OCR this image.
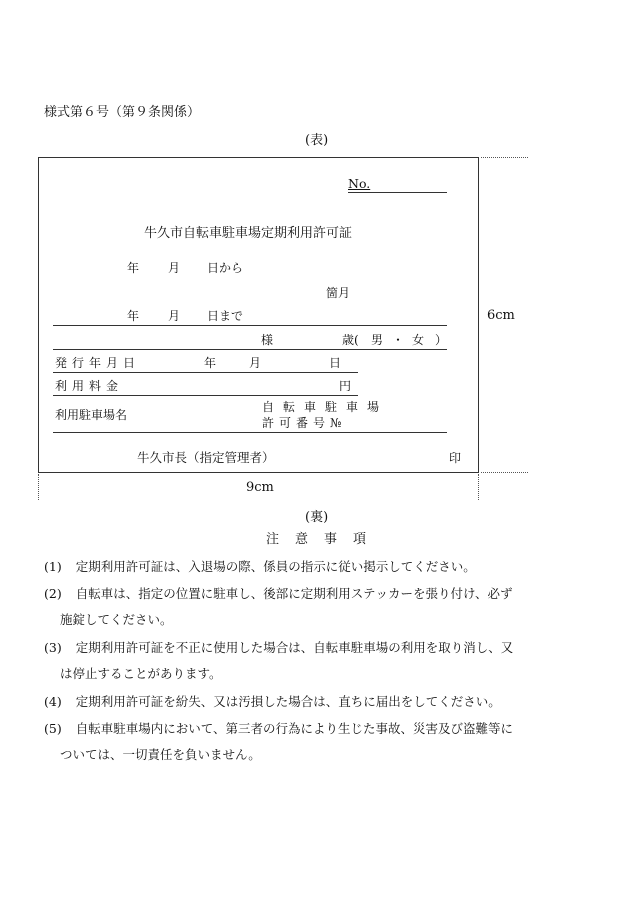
様式第６号（第９条関係）
(表)
6cm
9cm
No.
牛久市自転車駐車場定期利用許可証
年 月 日から
箇月
年 月 日まで
様	歳( 男 ・ 女 ）
発行年月日	年	月	日
利用料金	円
利用駐車場名
自転車駐車場
許可番号№
牛久市長（指定管理者）	印
(裏)
注意事項
(1) 定期利用許可証は、入退場の際、係員の指示に従い掲示してください。
(2) 自転車は、指定の位置に駐車し、後部に定期利用ステッカーを張り付け、必ず
施錠してください。
(3) 定期利用許可証を不正に使用した場合は、自転車駐車場の利用を取り消し、又
は停止することがあります。
(4) 定期利用許可証を紛失、又は汚損した場合は、直ちに届出をしてください。
(5) 自転車駐車場内において、第三者の行為により生じた事故、災害及び盗難等に
ついては、一切責任を負いません。
